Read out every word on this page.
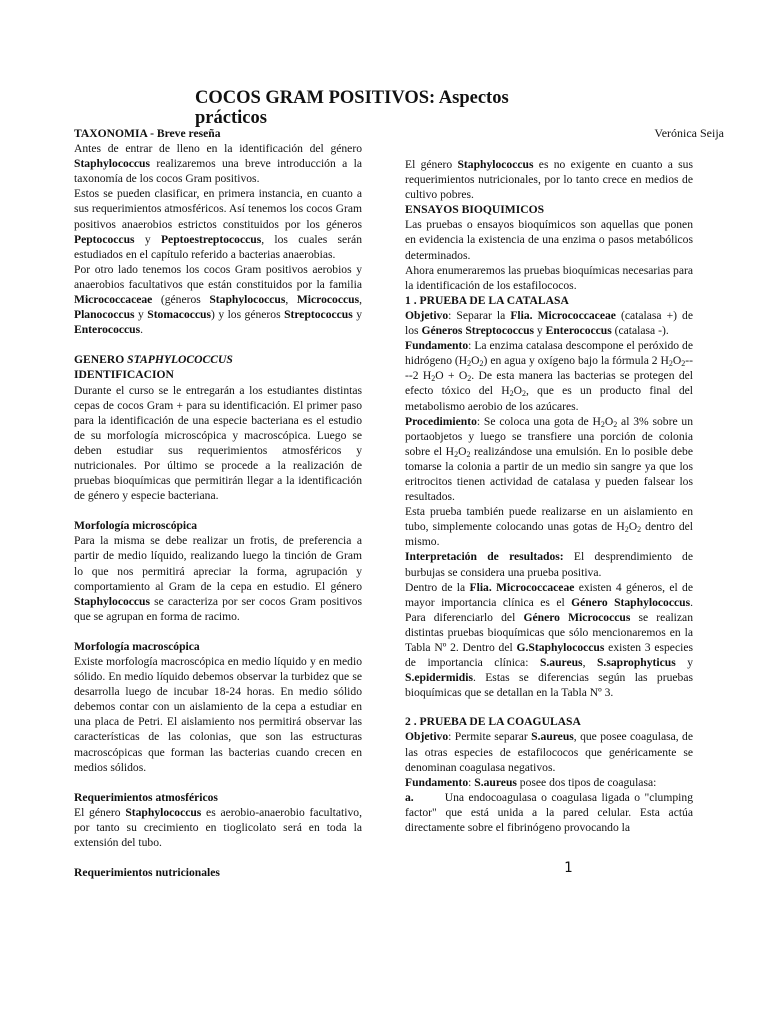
COCOS GRAM POSITIVOS: Aspectos prácticos
Verónica Seija

TAXONOMIA - Breve reseña

Antes de entrar de lleno en la identificación del género Staphylococcus realizaremos una breve introducción a la taxonomía de los cocos Gram positivos.

Estos se pueden clasificar, en primera instancia, en cuanto a sus requerimientos atmosféricos. Así tenemos los cocos Gram positivos anaerobios estrictos constituidos por los géneros Peptococcus y Peptoestreptococcus, los cuales serán estudiados en el capítulo referido a bacterias anaerobias.

Por otro lado tenemos los cocos Gram positivos aerobios y anaerobios facultativos que están constituidos por la familia Micrococcaceae (géneros Staphylococcus, Micrococcus, Planococcus y Stomacoccus) y los géneros Streptococcus y Enterococcus.

GENERO STAPHYLOCOCCUS

IDENTIFICACION

Durante el curso se le entregarán a los estudiantes distintas cepas de cocos Gram + para su identificación. El primer paso para la identificación de una especie bacteriana es el estudio de su morfología microscópica y macroscópica. Luego se deben estudiar sus requerimientos atmosféricos y nutricionales. Por último se procede a la realización de pruebas bioquímicas que permitirán llegar a la identificación de género y especie bacteriana.

Morfología microscópica

Para la misma se debe realizar un frotis, de preferencia a partir de medio líquido, realizando luego la tinción de Gram lo que nos permitirá apreciar la forma, agrupación y comportamiento al Gram de la cepa en estudio. El género Staphylococcus se caracteriza por ser cocos Gram positivos que se agrupan en forma de racimo.

Morfología macroscópica

Existe morfología macroscópica en medio líquido y en medio sólido. En medio líquido debemos observar la turbidez que se desarrolla luego de incubar 18-24 horas. En medio sólido debemos contar con un aislamiento de la cepa a estudiar en una placa de Petri. El aislamiento nos permitirá observar las características de las colonias, que son las estructuras macroscópicas que forman las bacterias cuando crecen en medios sólidos.

Requerimientos atmosféricos

El género Staphylococcus es aerobio-anaerobio facultativo, por tanto su crecimiento en tioglicolato será en toda la extensión del tubo.

Requerimientos nutricionales

El género Staphylococcus es no exigente en cuanto a sus requerimientos nutricionales, por lo tanto crece en medios de cultivo pobres.

ENSAYOS BIOQUIMICOS

Las pruebas o ensayos bioquímicos son aquellas que ponen en evidencia la existencia de una enzima o pasos metabólicos determinados.

Ahora enumeraremos las pruebas bioquímicas necesarias para la identificación de los estafilococos.

1 . PRUEBA DE LA CATALASA

Objetivo: Separar la Flia. Micrococcaceae (catalasa +) de los Géneros Streptococcus y Enterococcus (catalasa -).

Fundamento: La enzima catalasa descompone el peróxido de hidrógeno $(H_2O_2)$ en agua y oxígeno bajo la fórmula 2 $H_2O_2----2$ $H_2O + O_2$. De esta manera las bacterias se protegen del efecto tóxico del $H_2O_2$, que es un producto final del metabolismo aerobio de los azúcares.

Procedimiento: Se coloca una gota de $H_2O_2$ al 3% sobre un portaobjetos y luego se transfiere una porción de colonia sobre el $H_2O_2$ realizándose una emulsión. En lo posible debe tomarse la colonia a partir de un medio sin sangre ya que los eritrocitos tienen actividad de catalasa y pueden falsear los resultados.

Esta prueba también puede realizarse en un aislamiento en tubo, simplemente colocando unas gotas de $H_2O_2$ dentro del mismo.

Interpretación de resultados: El desprendimiento de burbujas se considera una prueba positiva.

Dentro de la Flia. Micrococcaceae existen 4 géneros, el de mayor importancia clínica es el Género Staphylococcus. Para diferenciarlo del Género Micrococcus se realizan distintas pruebas bioquímicas que sólo mencionaremos en la Tabla Nº 2. Dentro del G.Staphylococcus existen 3 especies de importancia clínica: S.aureus, S.saprophyticus y S.epidermidis. Estas se diferencias según las pruebas bioquímicas que se detallan en la Tabla Nº 3.

2 . PRUEBA DE LA COAGULASA

Objetivo: Permite separar S.aureus, que posee coagulasa, de las otras especies de estafilococos que genéricamente se denominan coagulasa negativos.

Fundamento: S.aureus posee dos tipos de coagulasa:

a.       Una endocoagulasa o coagulasa ligada o "clumping factor" que está unida a la pared celular. Esta actúa directamente sobre el fibrinógeno provocando la

1
